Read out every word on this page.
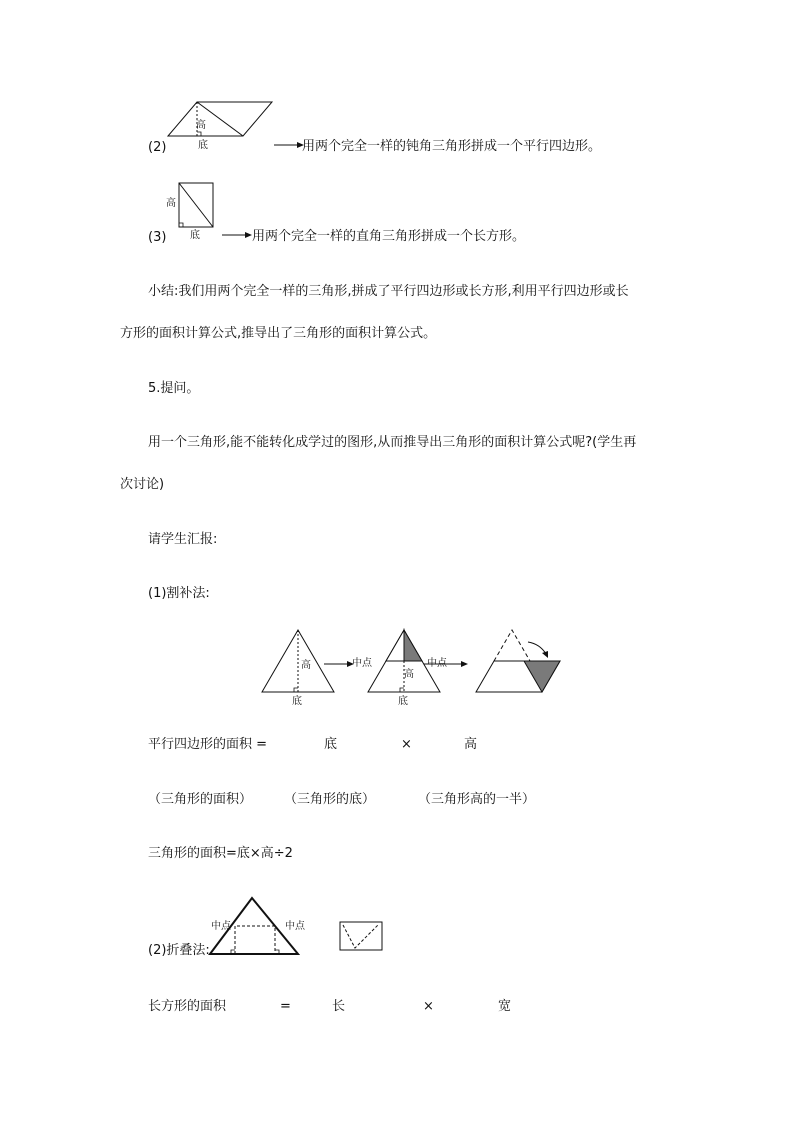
高
(2)	底	用两个完全一样的钝角三角形拼成一个平行四边形。
高
(3) 底	用两个完全一样的直角三角形拼成一个长方形。
小结:我们用两个完全一样的三角形,拼成了平行四边形或长方形,利用平行四边形或长
方形的面积计算公式,推导出了三角形的面积计算公式。
5.提问。
用一个三角形,能不能转化成学过的图形,从而推导出三角形的面积计算公式呢?(学生再
次讨论)
请学生汇报:
(1)割补法:
高	中点
高
中点
底	底
平行四边形的面积 =	底	×	高
（三角形的面积） （三角形的底）	（三角形高的一半）
三角形的面积=底×高÷2
中点	中点
(2)折叠法:
长方形的面积	=	长	×	宽
